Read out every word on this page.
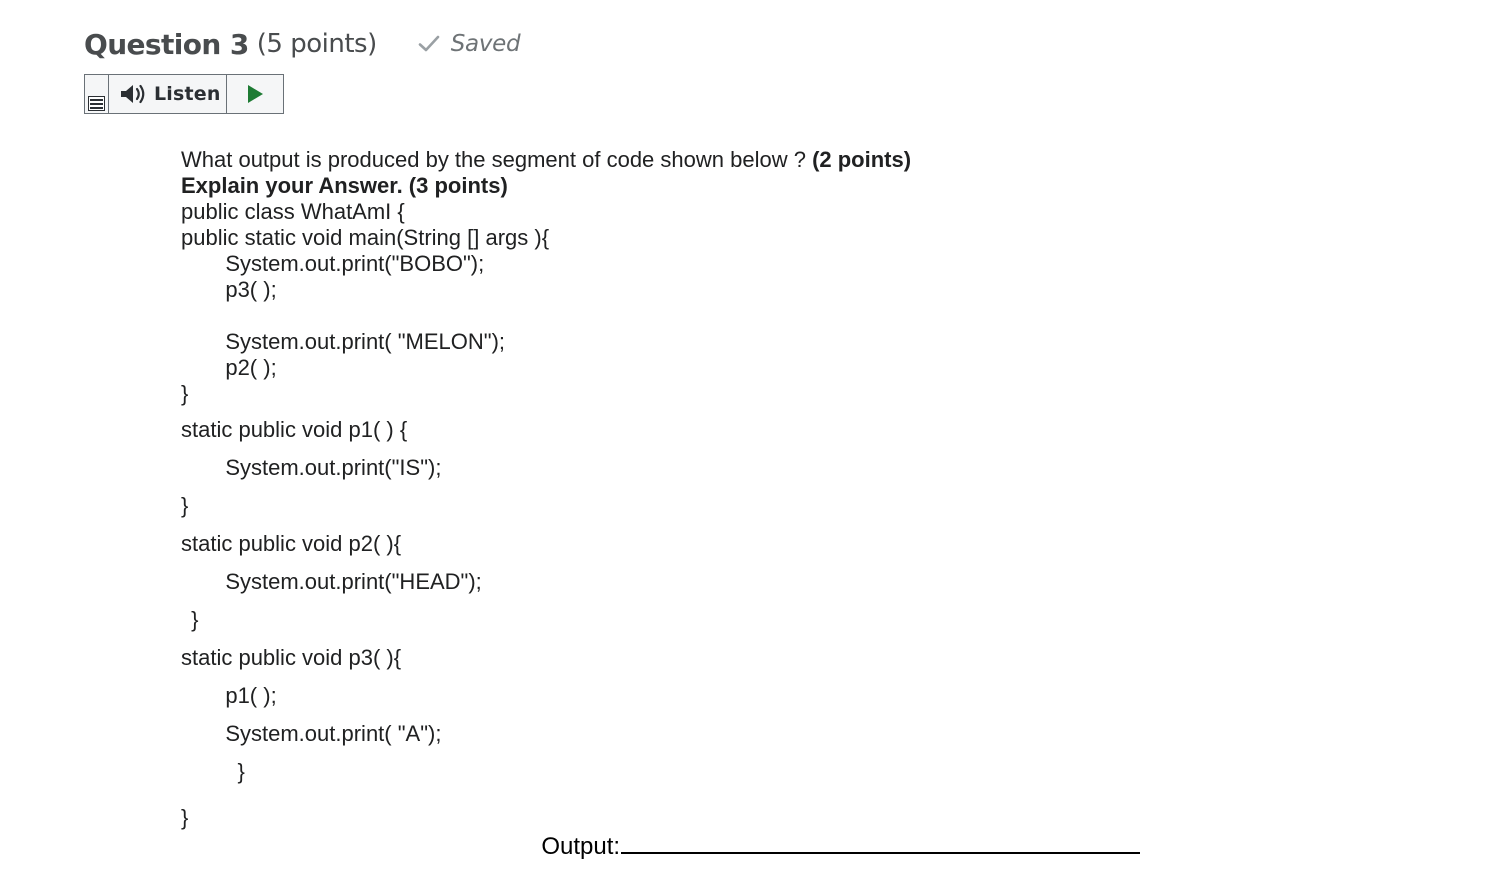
Question 3 (5 points)	Saved
Listen
What output is produced by the segment of code shown below ? (2 points)
Explain your Answer. (3 points)
public class WhatAmI {
public static void main(String [] args ){
System.out.print("BOBO");
p3( );
System.out.print( "MELON");
p2( );
}
static public void p1( ) {
System.out.print("IS");
}
static public void p2( ){
System.out.print("HEAD");
}
static public void p3( ){
p1( );
System.out.print( "A");
}
}

Output:
